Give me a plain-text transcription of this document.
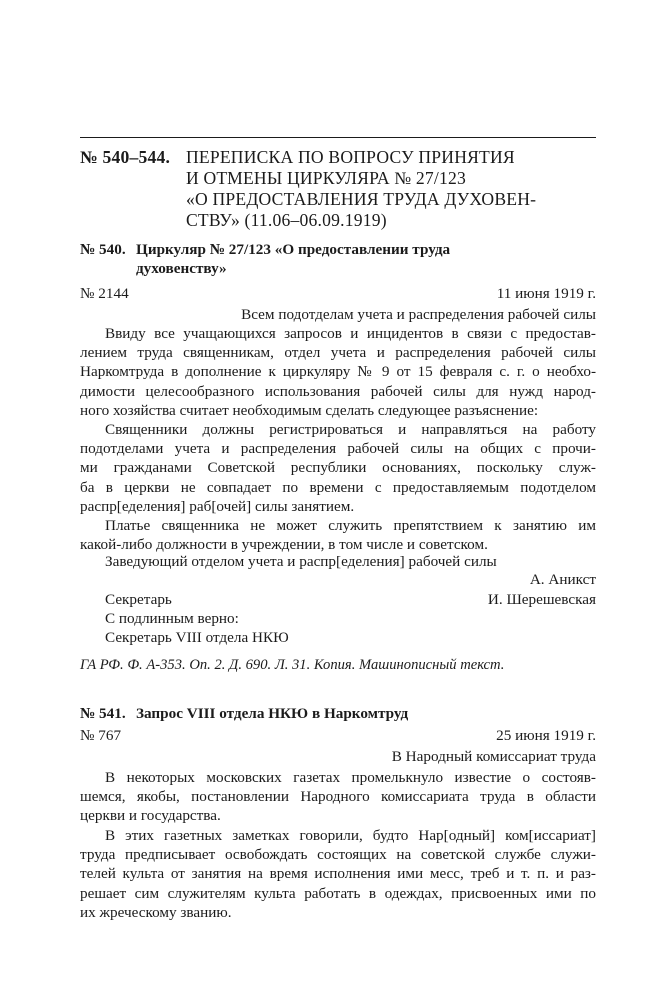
№ 540–544. ПЕРЕПИСКА ПО ВОПРОСУ ПРИНЯТИЯ
И ОТМЕНЫ ЦИРКУЛЯРА № 27/123
«О ПРЕДОСТАВЛЕНИЯ ТРУДА ДУХОВЕН-
СТВУ» (11.06–06.09.1919)
№ 540. Циркуляр № 27/123 «О предоставлении труда
духовенству»
№ 2144	11 июня 1919 г.
Всем подотделам учета и распределения рабочей силы
Ввиду все учащающихся запросов и инцидентов в связи с предостав-
лением труда священникам, отдел учета и распределения рабочей силы
Наркомтруда в дополнение к циркуляру № 9 от 15 февраля с. г. о необхо-
димости целесообразного использования рабочей силы для нужд народ-
ного хозяйства считает необходимым сделать следующее разъяснение:
Священники должны регистрироваться и направляться на работу
подотделами учета и распределения рабочей силы на общих с прочи-
ми гражданами Советской республики основаниях, поскольку служ-
ба в церкви не совпадает по времени с предоставляемым подотделом
распр[еделения] раб[очей] силы занятием.
Платье священника не может служить препятствием к занятию им
какой-либо должности в учреждении, в том числе и советском.
Заведующий отделом учета и распр[еделения] рабочей силы
А. Аникст
Секретарь	И. Шерешевская
С подлинным верно:
Секретарь VIII отдела НКЮ
ГА РФ. Ф. А-353. Оп. 2. Д. 690. Л. 31. Копия. Машинописный текст.
№ 541. Запрос VIII отдела НКЮ в Наркомтруд
№ 767	25 июня 1919 г.
В Народный комиссариат труда
В некоторых московских газетах промелькнуло известие о состояв-
шемся, якобы, постановлении Народного комиссариата труда в области
церкви и государства.
В этих газетных заметках говорили, будто Нар[одный] ком[иссариат]
труда предписывает освобождать состоящих на советской службе служи-
телей культа от занятия на время исполнения ими месс, треб и т. п. и раз-
решает сим служителям культа работать в одеждах, присвоенных ими по
их жреческому званию.
